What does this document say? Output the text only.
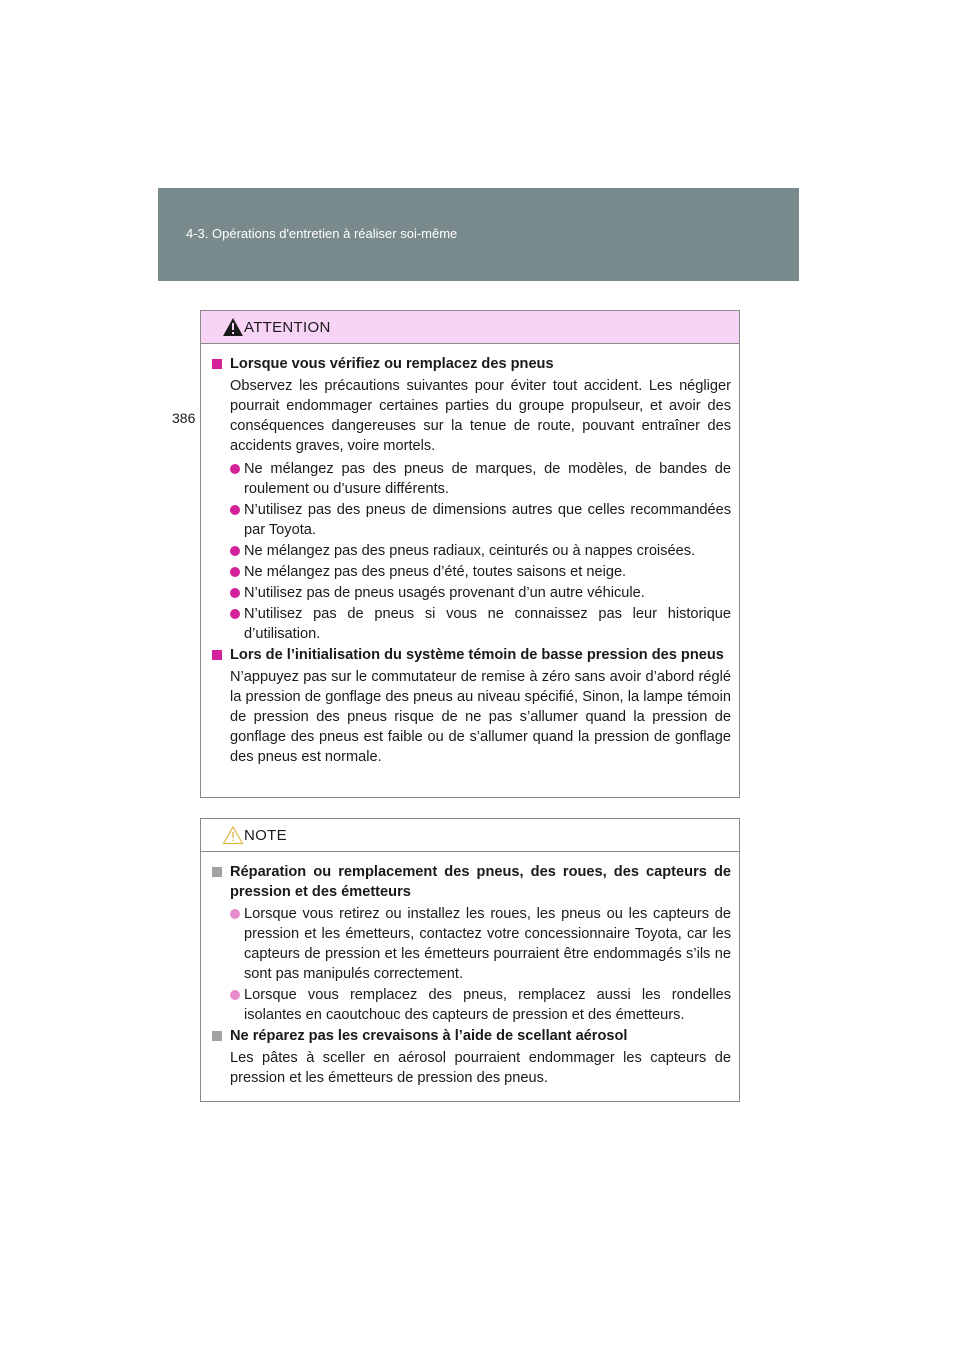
4-3. Opérations d'entretien à réaliser soi-même
386
ATTENTION
Lorsque vous vérifiez ou remplacez des pneus
Observez les précautions suivantes pour éviter tout accident. Les négliger pourrait endommager certaines parties du groupe propulseur, et avoir des conséquences dangereuses sur la tenue de route, pouvant entraîner des accidents graves, voire mortels.
Ne mélangez pas des pneus de marques, de modèles, de bandes de roulement ou d’usure différents.
N’utilisez pas des pneus de dimensions autres que celles recommandées par Toyota.
Ne mélangez pas des pneus radiaux, ceinturés ou à nappes croisées.
Ne mélangez pas des pneus d’été, toutes saisons et neige.
N’utilisez pas de pneus usagés provenant d’un autre véhicule.
N’utilisez pas de pneus si vous ne connaissez pas leur historique d’utilisation.
Lors de l’initialisation du système témoin de basse pression des pneus
N’appuyez pas sur le commutateur de remise à zéro sans avoir d’abord réglé la pression de gonflage des pneus au niveau spécifié, Sinon, la lampe témoin de pression des pneus risque de ne pas s’allumer quand la pression de gonflage des pneus est faible ou de s’allumer quand la pression de gonflage des pneus est normale.
NOTE
Réparation ou remplacement des pneus, des roues, des capteurs de pression et des émetteurs
Lorsque vous retirez ou installez les roues, les pneus ou les capteurs de pression et les émetteurs, contactez votre concessionnaire Toyota, car les capteurs de pression et les émetteurs pourraient être endommagés s’ils ne sont pas manipulés correctement.
Lorsque vous remplacez des pneus, remplacez aussi les rondelles isolantes en caoutchouc des capteurs de pression et des émetteurs.
Ne réparez pas les crevaisons à l’aide de scellant aérosol
Les pâtes à sceller en aérosol pourraient endommager les capteurs de pression et les émetteurs de pression des pneus.
